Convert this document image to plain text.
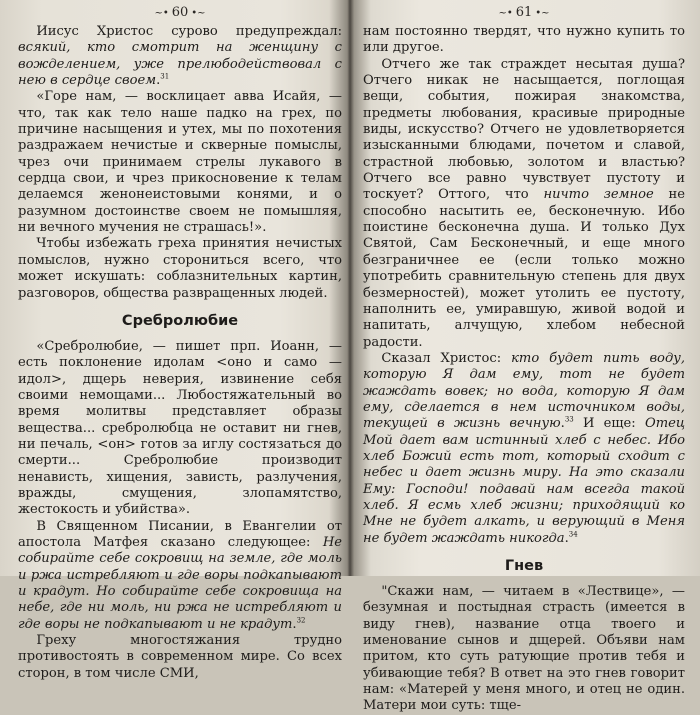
~• 60 •~

Иисус Христос сурово предупреждал: всякий, кто смотрит на женщину с вожделением, уже прелюбодействовал с нею в сердце своем.$^{31}$

«Горе нам, — восклицает авва Исайя, — что, так как тело наше падко на грех, по причине насыщения и утех, мы по похотения раздражаем нечистые и скверные помыслы, чрез очи принимаем стрелы лукавого в сердца свои, и чрез прикосновение к телам делаемся женонеистовыми конями, и о разумном достоинстве своем не помышляя, ни вечного мучения не страшась!».

Чтобы избежать греха принятия нечистых помыслов, нужно сторониться всего, что может искушать: соблазнительных картин, разговоров, общества развращенных людей.

Сребролюбие

«Сребролюбие, — пишет прп. Иоанн, — есть поклонение идолам <оно и само — идол>, дщерь неверия, извинение себя своими немощами... Любостяжательный во время молитвы представляет образы вещества... сребролюбца не оставит ни гнев, ни печаль, <он> готов за иглу состязаться до смерти... Сребролюбие производит ненависть, хищения, зависть, разлучения, вражды, смущения, злопамятство, жестокость и убийства».

В Священном Писании, в Евангелии от апостола Матфея сказано следующее: Не собирайте себе сокровищ на земле, где моль и ржа истребляют и где воры подкапывают и крадут. Но собирайте себе сокровища на небе, где ни моль, ни ржа не истребляют и где воры не подкапывают и не крадут.$^{32}$

Греху многостяжания трудно противостоять в современном мире. Со всех сторон, в том числе СМИ,

~• 61 •~

нам постоянно твердят, что нужно купить то или другое.

Отчего же так страждет несытая душа? Отчего никак не насыщается, поглощая вещи, события, пожирая знакомства, предметы любования, красивые природные виды, искусство? Отчего не удовлетворяется изысканными блюдами, почетом и славой, страстной любовью, золотом и властью? Отчего все равно чувствует пустоту и тоскует? Оттого, что ничто земное не способно насытить ее, бесконечную. Ибо поистине бесконечна душа. И только Дух Святой, Сам Бесконечный, и еще много безграничнее ее (если только можно употребить сравнительную степень для двух безмерностей), может утолить ее пустоту, наполнить ее, умиравшую, живой водой и напитать, алчущую, хлебом небесной радости.

Сказал Христос: кто будет пить воду, которую Я дам ему, тот не будет жаждать вовек; но вода, которую Я дам ему, сделается в нем источником воды, текущей в жизнь вечную.$^{33}$ И еще: Отец Мой дает вам истинный хлеб с небес. Ибо хлеб Божий есть тот, который сходит с небес и дает жизнь миру. На это сказали Ему: Господи! подавай нам всегда такой хлеб. Я есмь хлеб жизни; приходящий ко Мне не будет алкать, и верующий в Меня не будет жаждать никогда.$^{34}$

Гнев

"Скажи нам, — читаем в «Лествице», — безумная и постыдная страсть (имеется в виду гнев), название отца твоего и именование сынов и дщерей. Объяви нам притом, кто суть ратующие против тебя и убивающие тебя? В ответ на это гнев говорит нам: «Матерей у меня много, и отец не один. Матери мои суть: тще-
